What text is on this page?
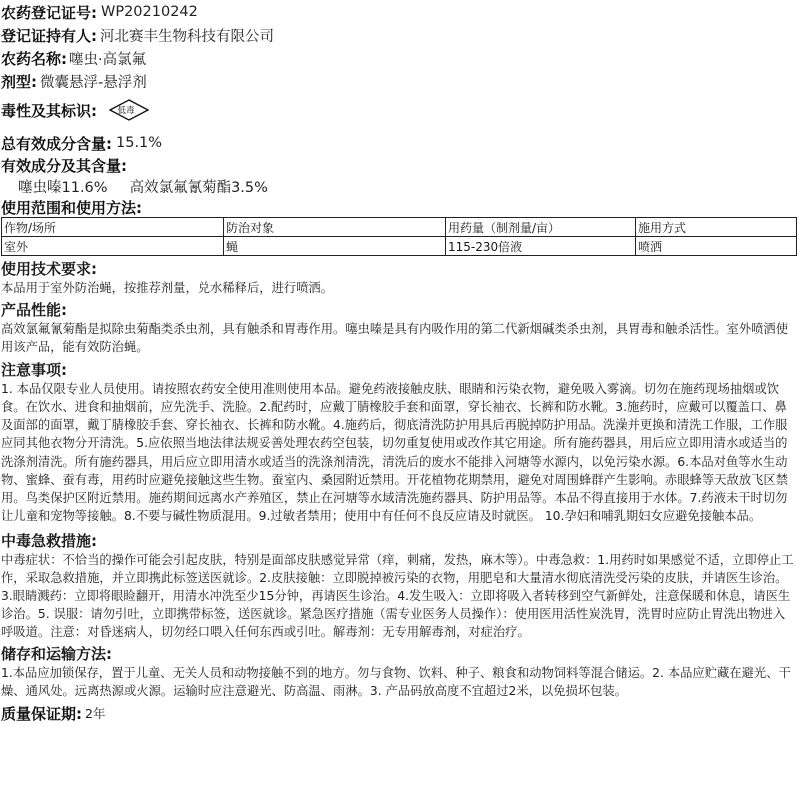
农药登记证号: WP20210242
登记证持有人: 河北赛丰生物科技有限公司
农药名称: 噻虫·高氯氟
剂型: 微囊悬浮-悬浮剂
毒性及其标识: 低毒
总有效成分含量: 15.1%
有效成分及其含量:
噻虫嗪11.6% 高效氯氟氰菊酯3.5%
使用范围和使用方法:
作物/场所	防治对象	用药量（制剂量/亩）	施用方式
室外	蝇	115-230倍液	喷洒
使用技术要求:
本品用于室外防治蝇，按推荐剂量，兑水稀释后，进行喷洒。
产品性能:
高效氯氟氰菊酯是拟除虫菊酯类杀虫剂，具有触杀和胃毒作用。噻虫嗪是具有内吸作用的第二代新烟碱类杀虫剂，具胃毒和触杀活性。室外喷洒使用该产品，能有效防治蝇。
注意事项:
1. 本品仅限专业人员使用。请按照农药安全使用准则使用本品。避免药液接触皮肤、眼睛和污染衣物，避免吸入雾滴。切勿在施药现场抽烟或饮食。在饮水、进食和抽烟前，应先洗手、洗脸。2.配药时，应戴丁腈橡胶手套和面罩，穿长袖衣、长裤和防水靴。3.施药时，应戴可以覆盖口、鼻及面部的面罩，戴丁腈橡胶手套、穿长袖衣、长裤和防水靴。4.施药后，彻底清洗防护用具后再脱掉防护用品。洗澡并更换和清洗工作服，工作服应同其他衣物分开清洗。5.应依照当地法律法规妥善处理农药空包装，切勿重复使用或改作其它用途。所有施药器具，用后应立即用清水或适当的洗涤剂清洗。所有施药器具，用后应立即用清水或适当的洗涤剂清洗，清洗后的废水不能排入河塘等水源内，以免污染水源。6.本品对鱼等水生动物、蜜蜂、蚕有毒，用药时应避免接触这些生物。蚕室内、桑园附近禁用。开花植物花期禁用，避免对周围蜂群产生影响。赤眼蜂等天敌放飞区禁用。鸟类保护区附近禁用。施药期间远离水产养殖区，禁止在河塘等水域清洗施药器具、防护用品等。本品不得直接用于水体。7.药液未干时切勿让儿童和宠物等接触。8.不要与碱性物质混用。9.过敏者禁用；使用中有任何不良反应请及时就医。 10.孕妇和哺乳期妇女应避免接触本品。
中毒急救措施:
中毒症状：不恰当的操作可能会引起皮肤，特别是面部皮肤感觉异常（痒，刺痛，发热，麻木等）。中毒急救：1.用药时如果感觉不适，立即停止工作，采取急救措施，并立即携此标签送医就诊。2.皮肤接触：立即脱掉被污染的衣物，用肥皂和大量清水彻底清洗受污染的皮肤，并请医生诊治。3.眼睛溅药：立即将眼睑翻开，用清水冲洗至少15分钟，再请医生诊治。4.发生吸入：立即将吸入者转移到空气新鲜处，注意保暖和休息，请医生诊治。5. 误服：请勿引吐，立即携带标签，送医就诊。紧急医疗措施（需专业医务人员操作）：使用医用活性炭洗胃，洗胃时应防止胃洗出物进入呼吸道。注意：对昏迷病人，切勿经口喂入任何东西或引吐。解毒剂：无专用解毒剂，对症治疗。
储存和运输方法:
1.本品应加锁保存，置于儿童、无关人员和动物接触不到的地方。勿与食物、饮料、种子、粮食和动物饲料等混合储运。2. 本品应贮藏在避光、干燥、通风处。远离热源或火源。运输时应注意避光、防高温、雨淋。3. 产品码放高度不宜超过2米，以免损坏包装。
质量保证期: 2年
